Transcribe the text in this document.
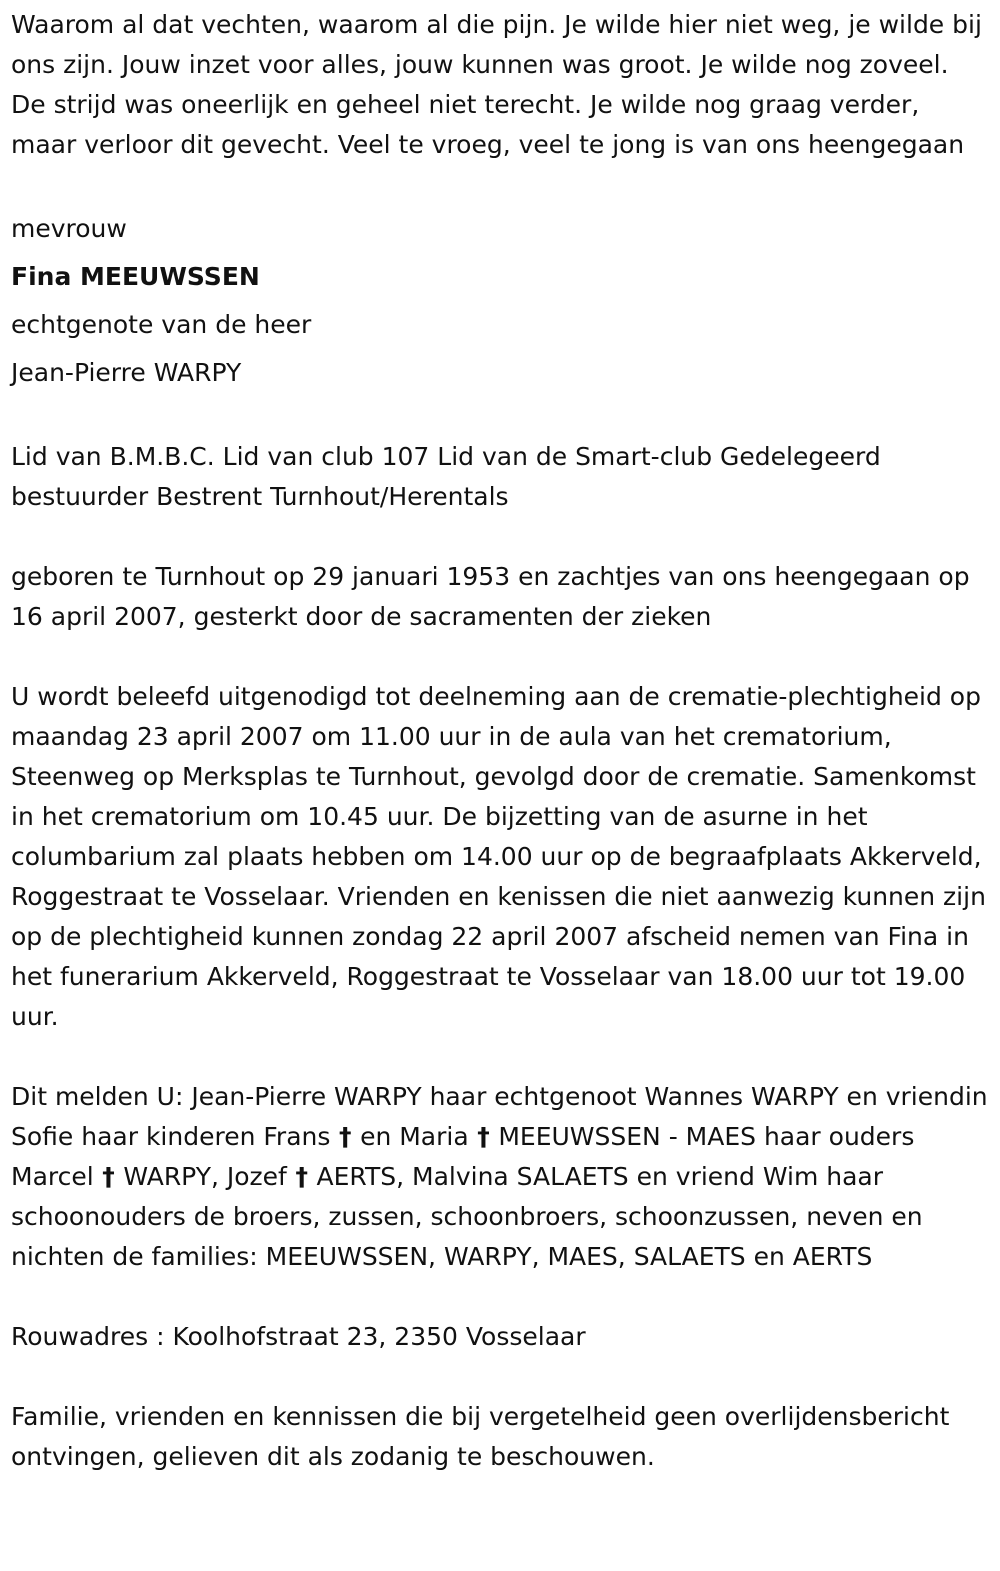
Waarom al dat vechten, waarom al die pijn. Je wilde hier niet weg, je wilde bij ons zijn. Jouw inzet voor alles, jouw kunnen was groot. Je wilde nog zoveel. De strijd was oneerlijk en geheel niet terecht. Je wilde nog graag verder, maar verloor dit gevecht. Veel te vroeg, veel te jong is van ons heengegaan

mevrouw

Fina MEEUWSSEN

echtgenote van de heer

Jean-Pierre WARPY

Lid van B.M.B.C. Lid van club 107 Lid van de Smart-club Gedelegeerd bestuurder Bestrent Turnhout/Herentals

geboren te Turnhout op 29 januari 1953 en zachtjes van ons heengegaan op 16 april 2007, gesterkt door de sacramenten der zieken

U wordt beleefd uitgenodigd tot deelneming aan de crematie-plechtigheid op maandag 23 april 2007 om 11.00 uur in de aula van het crematorium, Steenweg op Merksplas te Turnhout, gevolgd door de crematie. Samenkomst in het crematorium om 10.45 uur. De bijzetting van de asurne in het columbarium zal plaats hebben om 14.00 uur op de begraafplaats Akkerveld, Roggestraat te Vosselaar. Vrienden en kenissen die niet aanwezig kunnen zijn op de plechtigheid kunnen zondag 22 april 2007 afscheid nemen van Fina in het funerarium Akkerveld, Roggestraat te Vosselaar van 18.00 uur tot 19.00 uur.

Dit melden U: Jean-Pierre WARPY haar echtgenoot Wannes WARPY en vriendin Sofie haar kinderen Frans † en Maria † MEEUWSSEN - MAES haar ouders Marcel † WARPY, Jozef † AERTS, Malvina SALAETS en vriend Wim haar schoonouders de broers, zussen, schoonbroers, schoonzussen, neven en nichten de families: MEEUWSSEN, WARPY, MAES, SALAETS en AERTS

Rouwadres : Koolhofstraat 23, 2350 Vosselaar

Familie, vrienden en kennissen die bij vergetelheid geen overlijdensbericht ontvingen, gelieven dit als zodanig te beschouwen.
